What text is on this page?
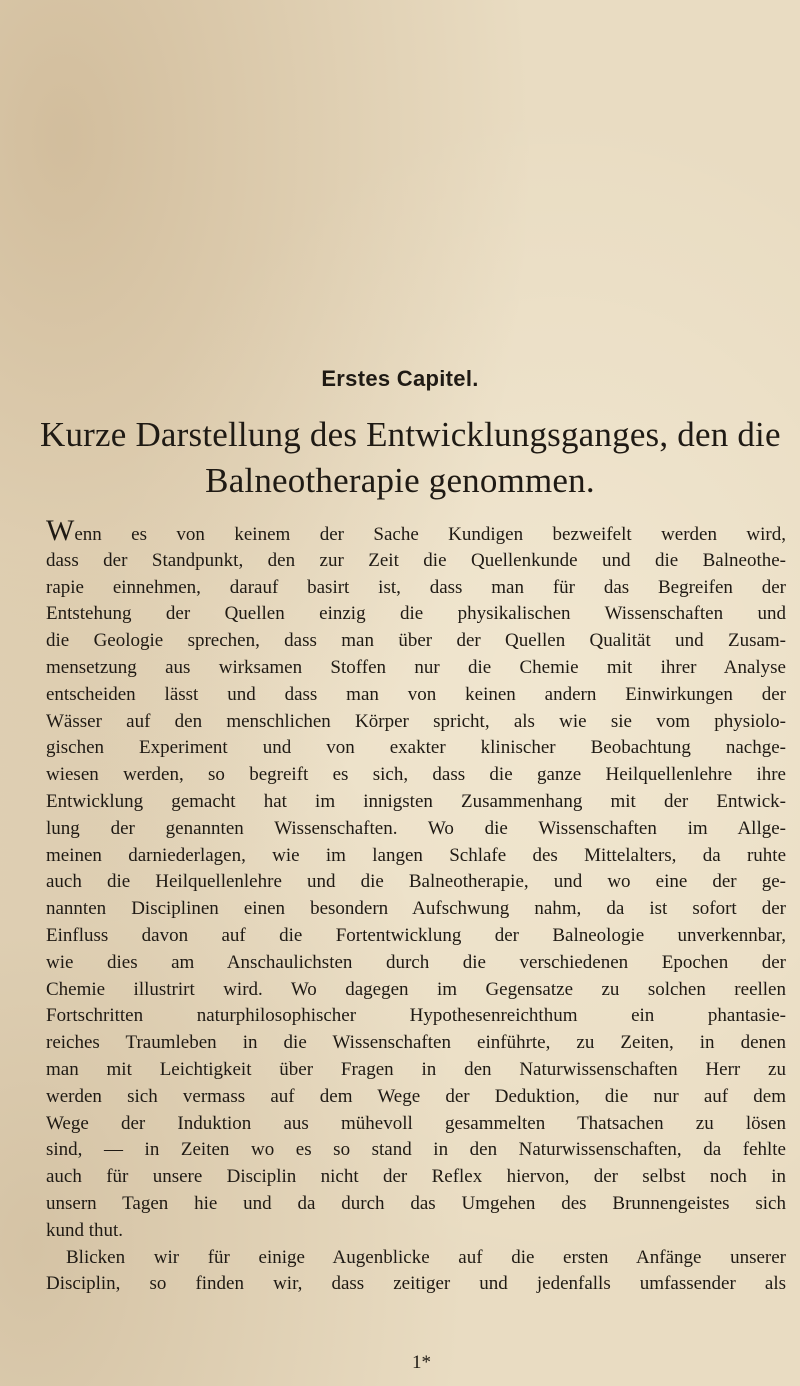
Erstes Capitel.
Kurze Darstellung des Entwicklungsganges, den die
Balneotherapie genommen.
Wenn es von keinem der Sache Kundigen bezweifelt werden wird,
dass der Standpunkt, den zur Zeit die Quellenkunde und die Balneothe-
rapie einnehmen, darauf basirt ist, dass man für das Begreifen der
Entstehung der Quellen einzig die physikalischen Wissenschaften und
die Geologie sprechen, dass man über der Quellen Qualität und Zusam-
mensetzung aus wirksamen Stoffen nur die Chemie mit ihrer Analyse
entscheiden lässt und dass man von keinen andern Einwirkungen der
Wässer auf den menschlichen Körper spricht, als wie sie vom physiolo-
gischen Experiment und von exakter klinischer Beobachtung nachge-
wiesen werden, so begreift es sich, dass die ganze Heilquellenlehre ihre
Entwicklung gemacht hat im innigsten Zusammenhang mit der Entwick-
lung der genannten Wissenschaften. Wo die Wissenschaften im Allge-
meinen darniederlagen, wie im langen Schlafe des Mittelalters, da ruhte
auch die Heilquellenlehre und die Balneotherapie, und wo eine der ge-
nannten Disciplinen einen besondern Aufschwung nahm, da ist sofort der
Einfluss davon auf die Fortentwicklung der Balneologie unverkennbar,
wie dies am Anschaulichsten durch die verschiedenen Epochen der
Chemie illustrirt wird. Wo dagegen im Gegensatze zu solchen reellen
Fortschritten naturphilosophischer Hypothesenreichthum ein phantasie-
reiches Traumleben in die Wissenschaften einführte, zu Zeiten, in denen
man mit Leichtigkeit über Fragen in den Naturwissenschaften Herr zu
werden sich vermass auf dem Wege der Deduktion, die nur auf dem
Wege der Induktion aus mühevoll gesammelten Thatsachen zu lösen
sind, — in Zeiten wo es so stand in den Naturwissenschaften, da fehlte
auch für unsere Disciplin nicht der Reflex hiervon, der selbst noch in
unsern Tagen hie und da durch das Umgehen des Brunnengeistes sich
kund thut.
Blicken wir für einige Augenblicke auf die ersten Anfänge unserer
Disciplin, so finden wir, dass zeitiger und jedenfalls umfassender als
1*
